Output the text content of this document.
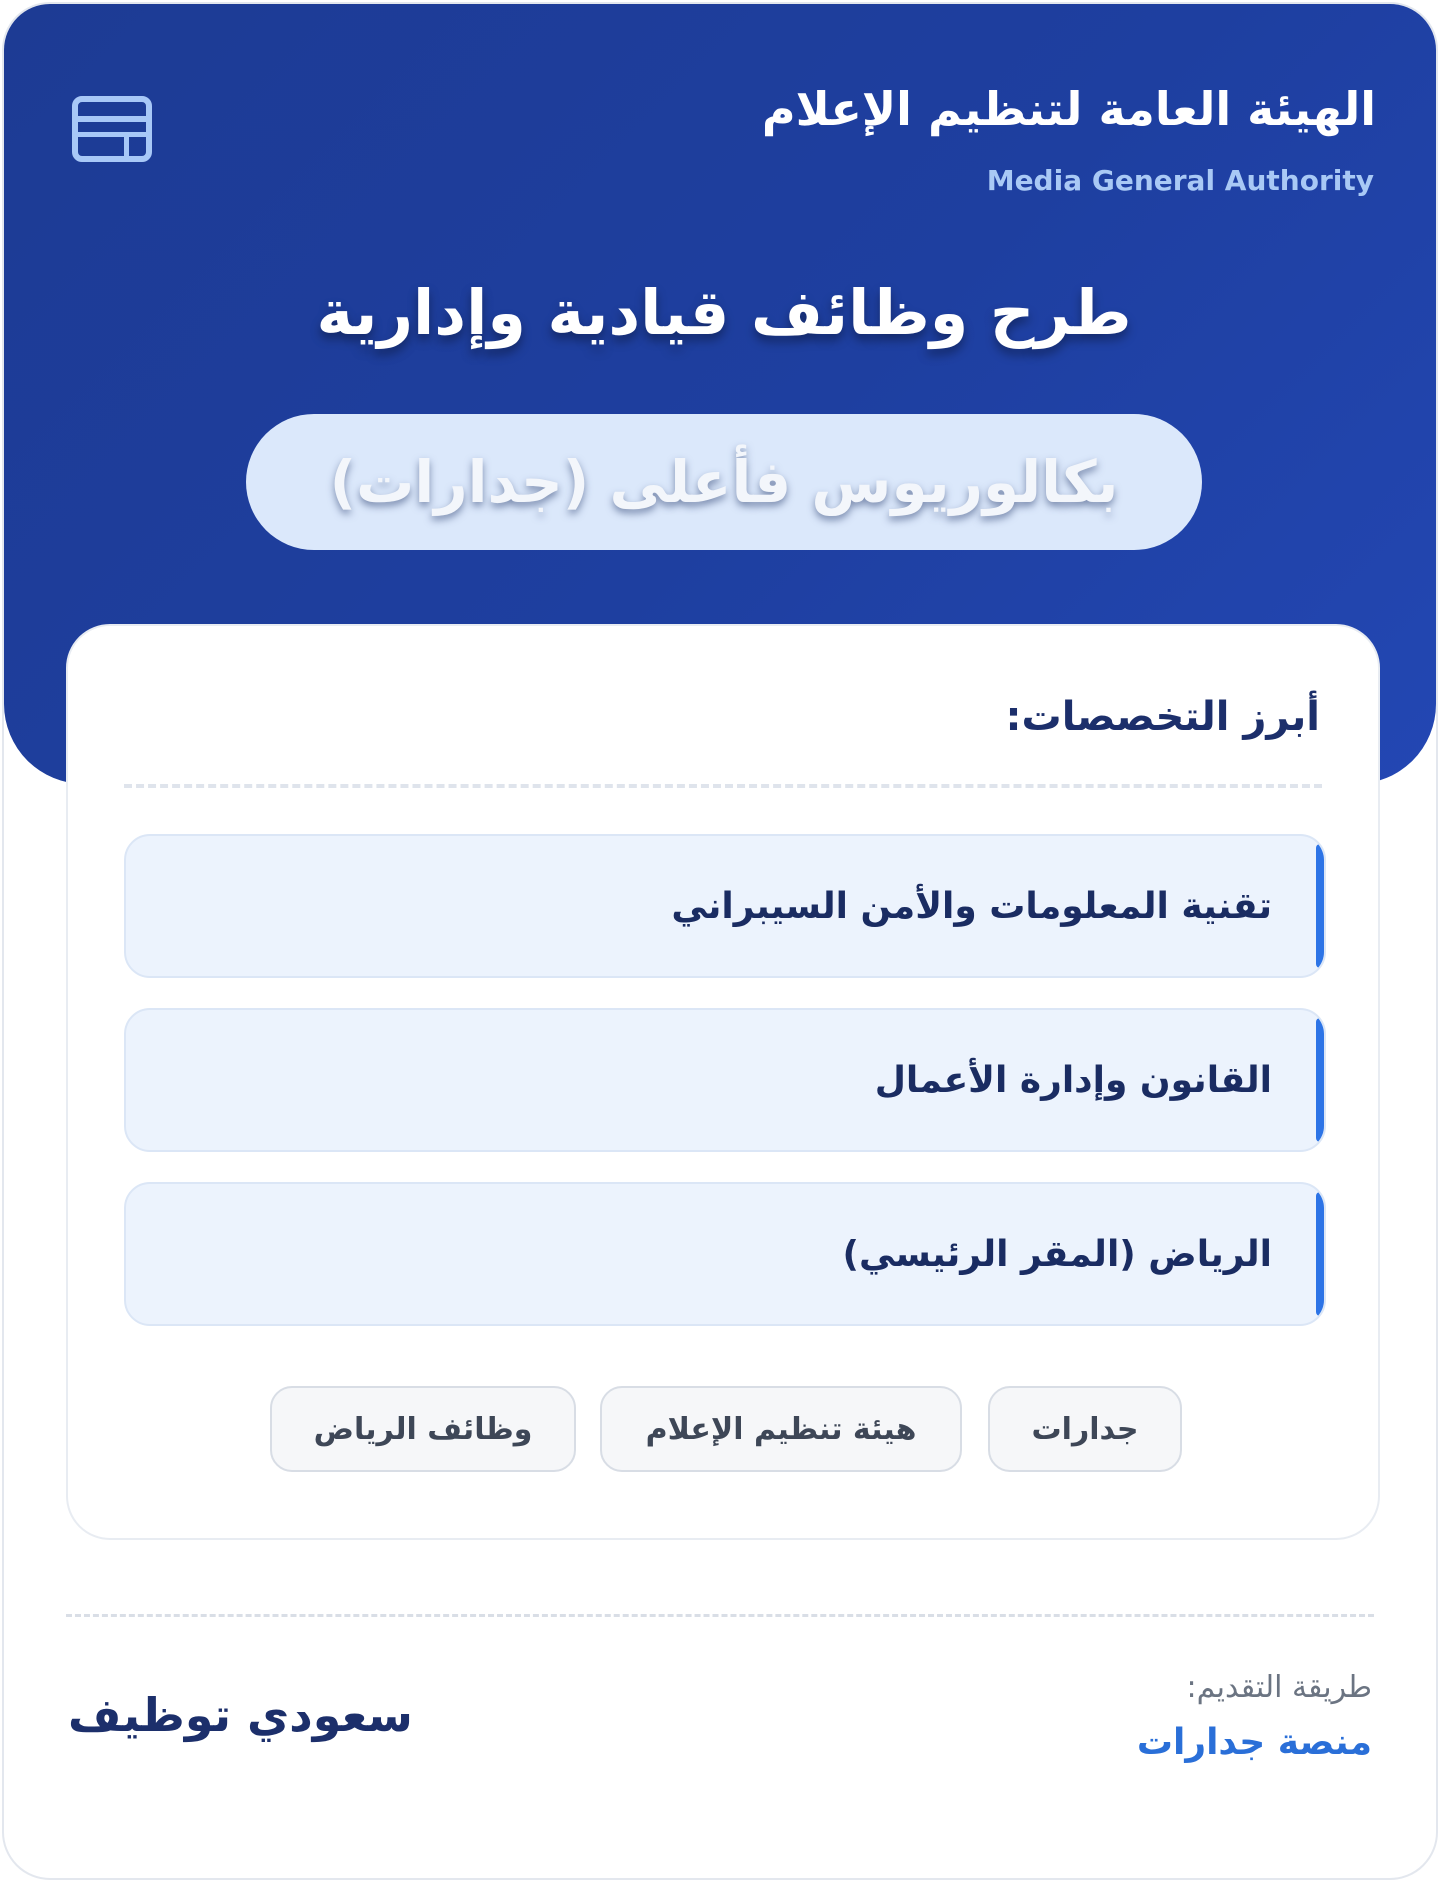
الهيئة العامة لتنظيم الإعلام
Media General Authority
طرح وظائف قيادية وإدارية
بكالوريوس فأعلى (جدارات)
أبرز التخصصات:
تقنية المعلومات والأمن السيبراني
القانون وإدارة الأعمال
الرياض (المقر الرئيسي)
جدارات
هيئة تنظيم الإعلام
وظائف الرياض
طريقة التقديم:
منصة جدارات
سعودي توظيف
